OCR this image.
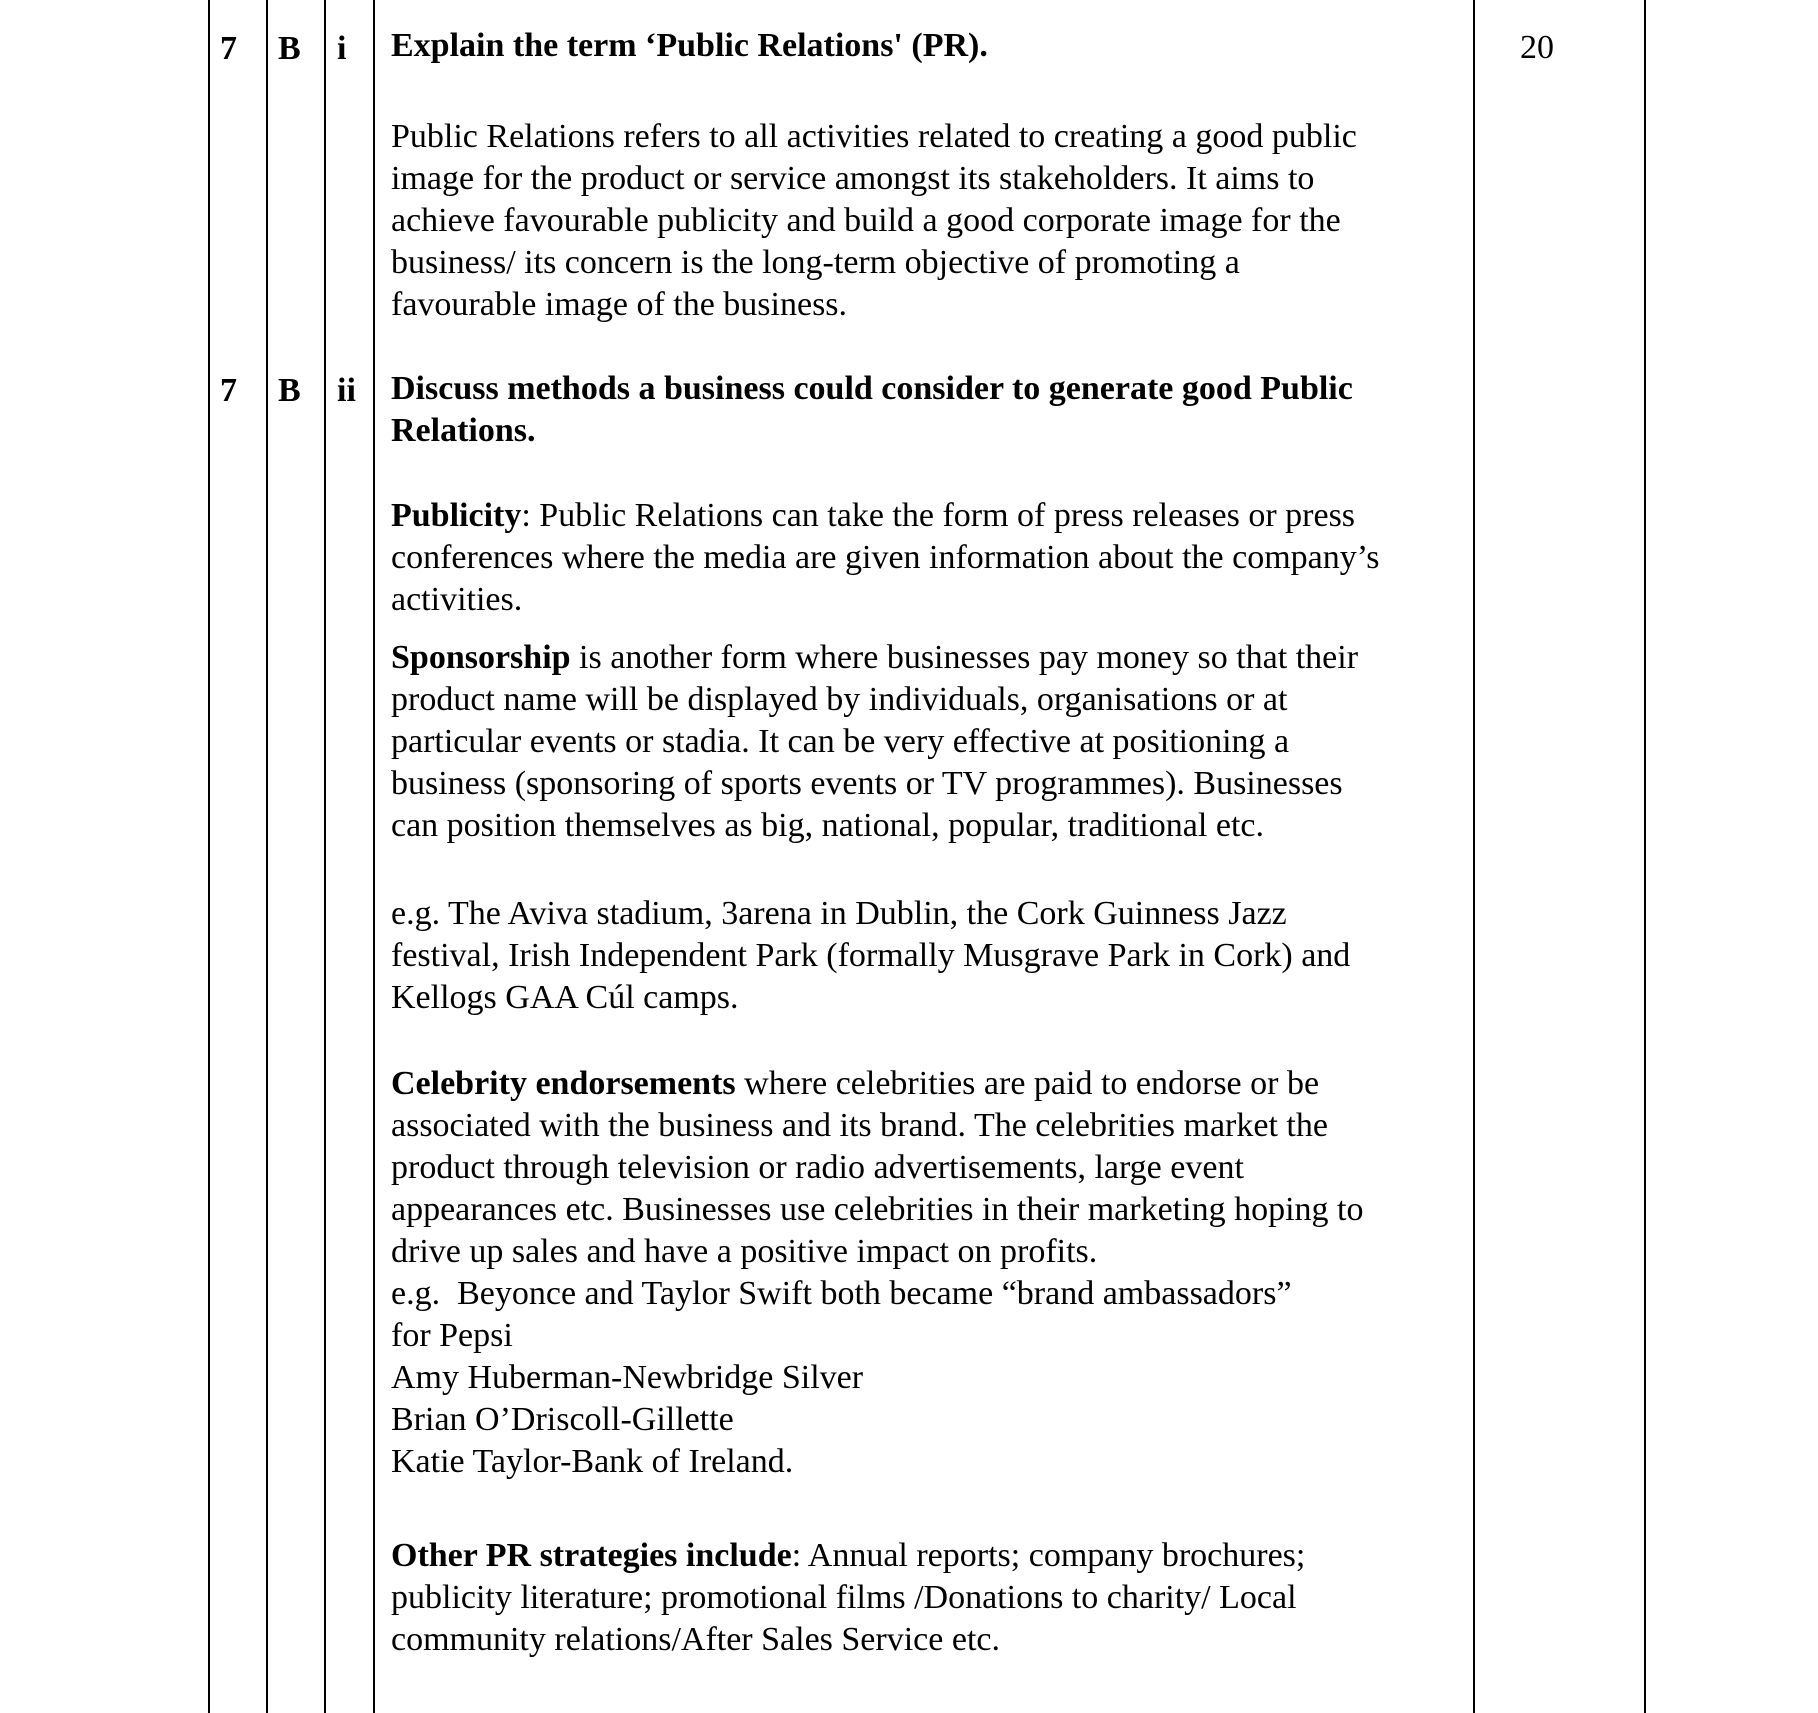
7
7
B
B
i
ii
Explain the term ‘Public Relations' (PR).
Public Relations refers to all activities related to creating a good public
image for the product or service amongst its stakeholders. It aims to
achieve favourable publicity and build a good corporate image for the
business/ its concern is the long-term objective of promoting a
favourable image of the business.
Discuss methods a business could consider to generate good Public
Relations.
Publicity: Public Relations can take the form of press releases or press
conferences where the media are given information about the company’s
activities.
Sponsorship is another form where businesses pay money so that their
product name will be displayed by individuals, organisations or at
particular events or stadia. It can be very effective at positioning a
business (sponsoring of sports events or TV programmes). Businesses
can position themselves as big, national, popular, traditional etc.
e.g. The Aviva stadium, 3arena in Dublin, the Cork Guinness Jazz
festival, Irish Independent Park (formally Musgrave Park in Cork) and
Kellogs GAA Cúl camps.
Celebrity endorsements where celebrities are paid to endorse or be
associated with the business and its brand. The celebrities market the
product through television or radio advertisements, large event
appearances etc. Businesses use celebrities in their marketing hoping to
drive up sales and have a positive impact on profits.
e.g.  Beyonce and Taylor Swift both became “brand ambassadors”
for Pepsi
Amy Huberman-Newbridge Silver
Brian O’Driscoll-Gillette
Katie Taylor-Bank of Ireland.
Other PR strategies include: Annual reports; company brochures;
publicity literature; promotional films /Donations to charity/ Local
community relations/After Sales Service etc.
20
